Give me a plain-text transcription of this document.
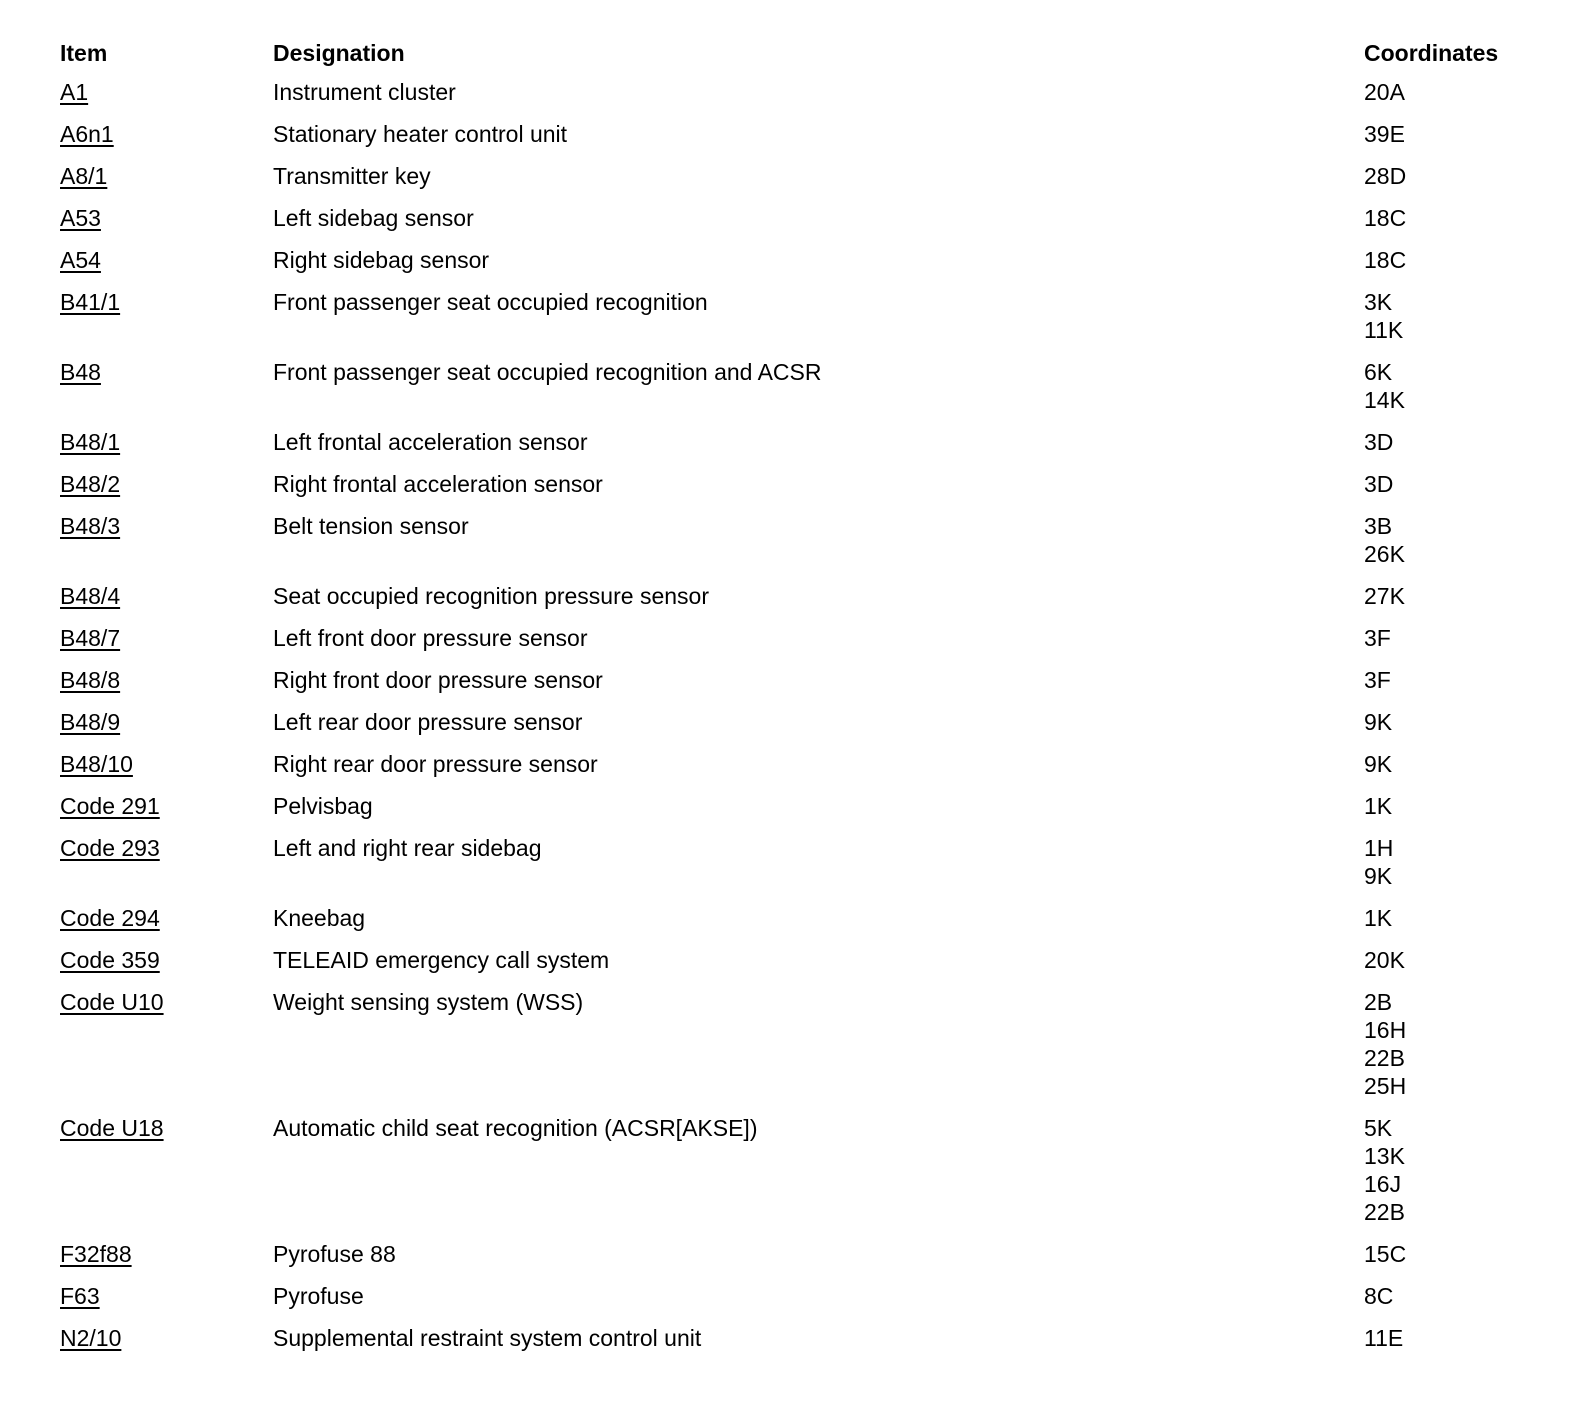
Item	Designation	Coordinates
A1	Instrument cluster	20A

A6n1	Stationary heater control unit	39E

A8/1	Transmitter key	28D

A53	Left sidebag sensor	18C

A54	Right sidebag sensor	18C

B41/1	Front passenger seat occupied recognition	3K
11K

B48	Front passenger seat occupied recognition and ACSR	6K
14K

B48/1	Left frontal acceleration sensor	3D

B48/2	Right frontal acceleration sensor	3D

B48/3	Belt tension sensor	3B
26K

B48/4	Seat occupied recognition pressure sensor	27K

B48/7	Left front door pressure sensor	3F

B48/8	Right front door pressure sensor	3F

B48/9	Left rear door pressure sensor	9K

B48/10	Right rear door pressure sensor	9K

Code 291	Pelvisbag	1K

Code 293	Left and right rear sidebag	1H
9K

Code 294	Kneebag	1K

Code 359	TELEAID emergency call system	20K

Code U10	Weight sensing system (WSS)	2B
16H
22B
25H

Code U18	Automatic child seat recognition (ACSR[AKSE])	5K
13K
16J
22B

F32f88	Pyrofuse 88	15C

F63	Pyrofuse	8C

N2/10	Supplemental restraint system control unit	11E
